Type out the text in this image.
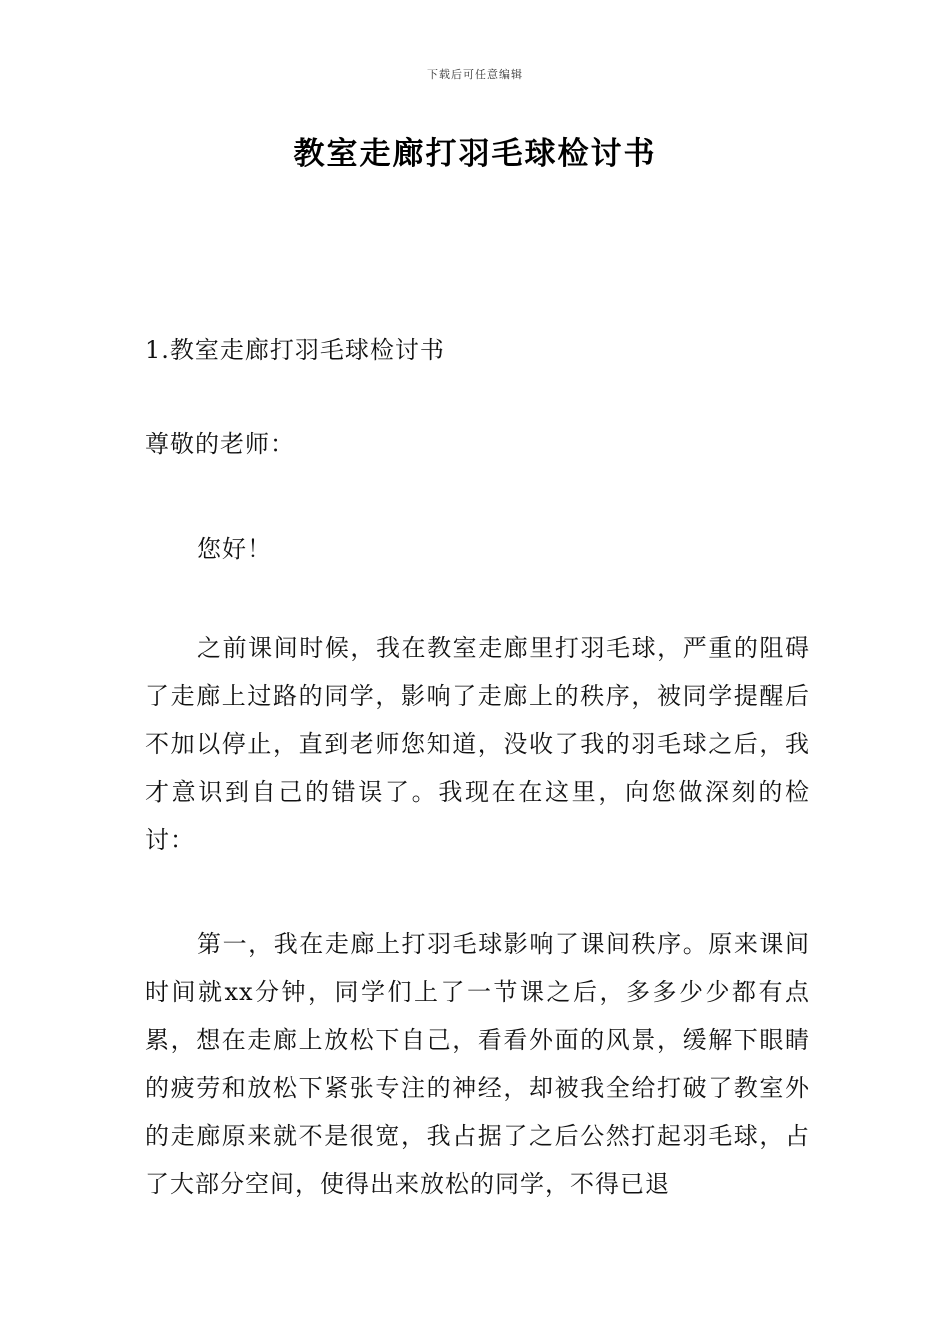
下载后可任意编辑
教室走廊打羽毛球检讨书
1.教室走廊打羽毛球检讨书
尊敬的老师：
您好！
之前课间时候，我在教室走廊里打羽毛球，严重的阻碍了走廊上过路的同学，影响了走廊上的秩序，被同学提醒后不加以停止，直到老师您知道，没收了我的羽毛球之后，我才意识到自己的错误了。我现在在这里，向您做深刻的检讨：
第一，我在走廊上打羽毛球影响了课间秩序。原来课间时间就xx分钟，同学们上了一节课之后，多多少少都有点累，想在走廊上放松下自己，看看外面的风景，缓解下眼睛的疲劳和放松下紧张专注的神经，却被我全给打破了教室外的走廊原来就不是很宽，我占据了之后公然打起羽毛球，占了大部分空间，使得出来放松的同学，不得已退
